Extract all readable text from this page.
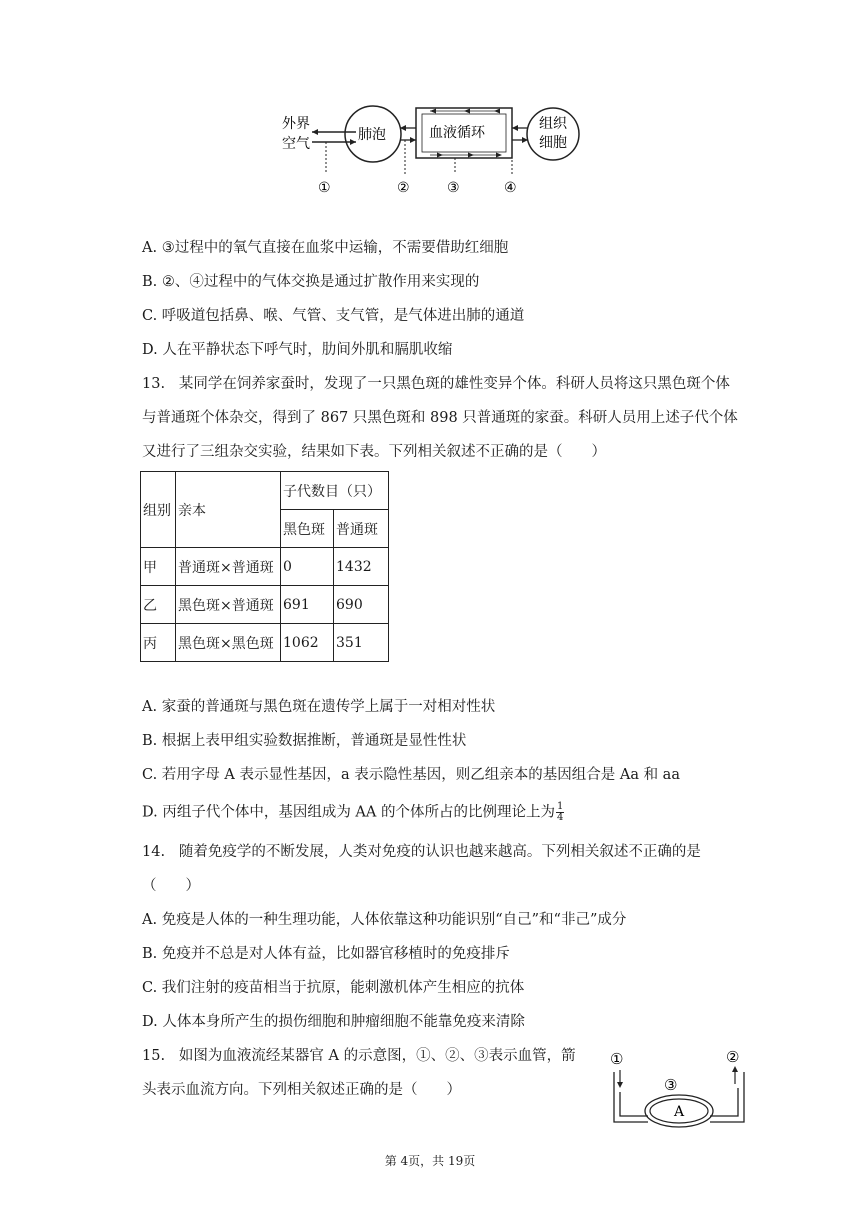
外界
空气
肺泡	血液循环
组织
细胞
①	②	③	④
A. ③过程中的氧气直接在血浆中运输，不需要借助红细胞
B. ②、④过程中的气体交换是通过扩散作用来实现的
C. 呼吸道包括鼻、喉、气管、支气管，是气体进出肺的通道
D. 人在平静状态下呼气时，肋间外肌和膈肌收缩
13. 某同学在饲养家蚕时，发现了一只黑色斑的雄性变异个体。科研人员将这只黑色斑个体
与普通斑个体杂交，得到了 867 只黑色斑和 898 只普通斑的家蚕。科研人员用上述子代个体
又进行了三组杂交实验，结果如下表。下列相关叙述不正确的是（　　）
组别	亲本	子代数目（只）	
		黑色斑	普通斑
甲	普通斑×普通斑	0	1432
乙	黑色斑×普通斑	691	690
丙	黑色斑×黑色斑	1062	351
A. 家蚕的普通斑与黑色斑在遗传学上属于一对相对性状
B. 根据上表甲组实验数据推断，普通斑是显性性状
C. 若用字母 A 表示显性基因，a 表示隐性基因，则乙组亲本的基因组合是 Aa 和 aa
D. 丙组子代个体中，基因组成为 AA 的个体所占的比例理论上为 $\frac{1}{4}$
14. 随着免疫学的不断发展，人类对免疫的认识也越来越高。下列相关叙述不正确的是
（　　）
A. 免疫是人体的一种生理功能，人体依靠这种功能识别“自己”和“非己”成分
B. 免疫并不总是对人体有益，比如器官移植时的免疫排斥
C. 我们注射的疫苗相当于抗原，能刺激机体产生相应的抗体
D. 人体本身所产生的损伤细胞和肿瘤细胞不能靠免疫来清除
15. 如图为血液流经某器官 A 的示意图，①、②、③表示血管，箭
头表示血流方向。下列相关叙述正确的是（　　）
①	②
③
A
第 4页，共 19页
